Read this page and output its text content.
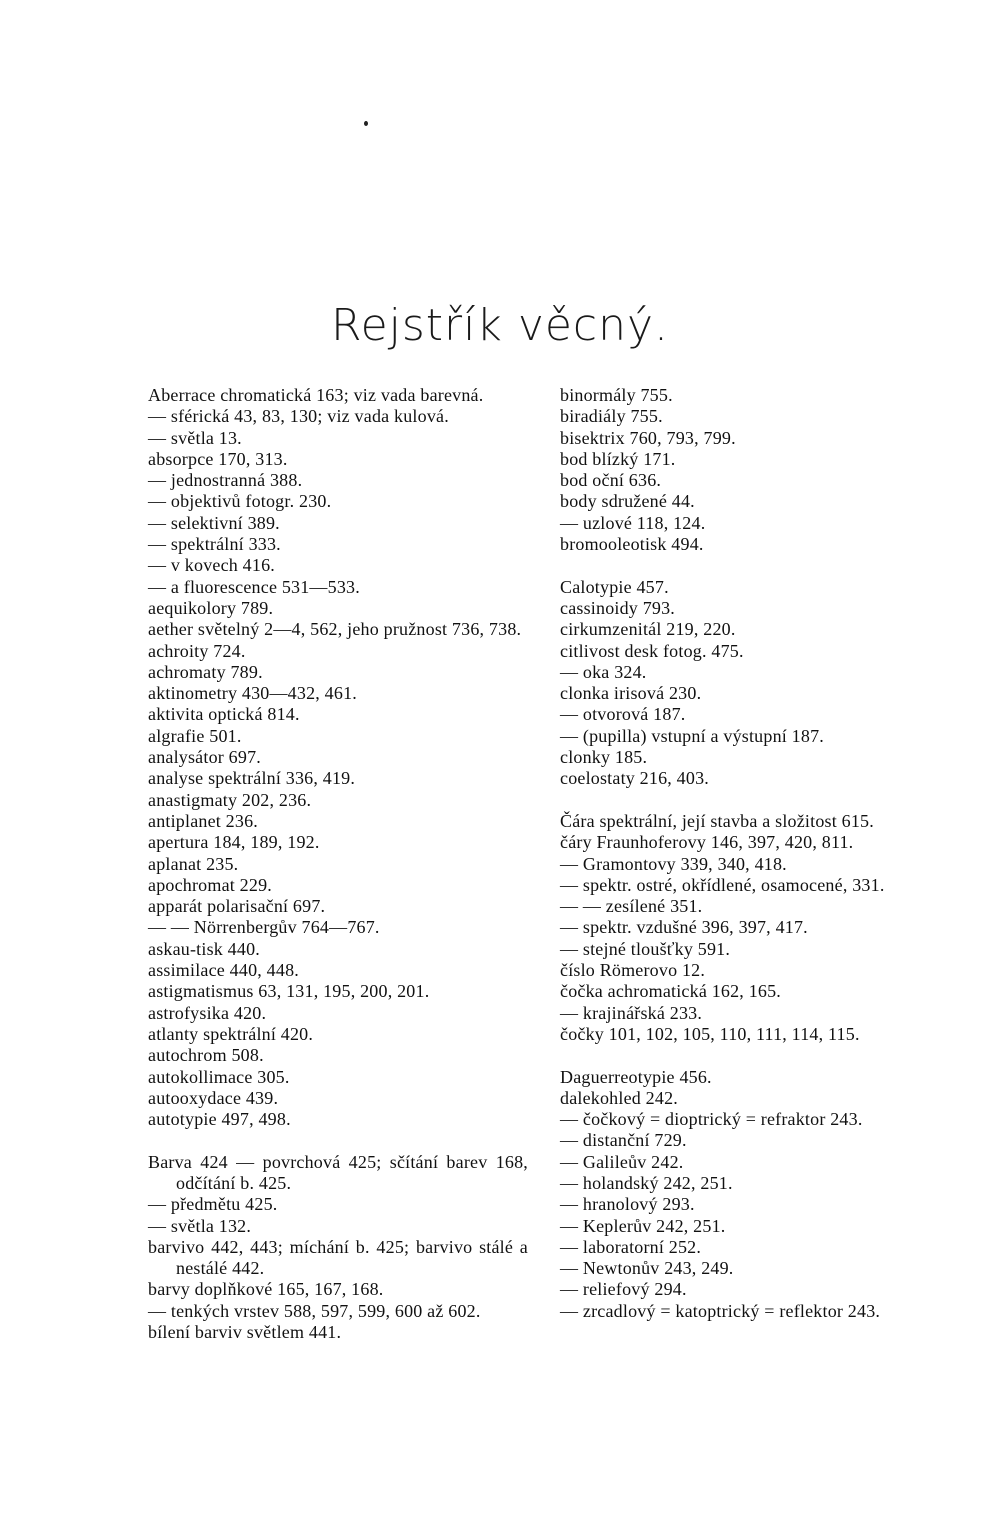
Rejstřík věcný.

Aberrace chromatická 163; viz vada barevná.

— sférická 43, 83, 130; viz vada kulová.

— světla 13.

absorpce 170, 313.

— jednostranná 388.

— objektivů fotogr. 230.

— selektivní 389.

— spektrální 333.

— v kovech 416.

— a fluorescence 531—533.

aequikolory 789.

aether světelný 2—4, 562, jeho pružnost 736, 738.

achroity 724.

achromaty 789.

aktinometry 430—432, 461.

aktivita optická 814.

algrafie 501.

analysátor 697.

analyse spektrální 336, 419.

anastigmaty 202, 236.

antiplanet 236.

apertura 184, 189, 192.

aplanat 235.

apochromat 229.

apparát polarisační 697.

— — Nörrenbergův 764—767.

askau-tisk 440.

assimilace 440, 448.

astigmatismus 63, 131, 195, 200, 201.

astrofysika 420.

atlanty spektrální 420.

autochrom 508.

autokollimace 305.

autooxydace 439.

autotypie 497, 498.

Barva 424 — povrchová 425; sčítání barev 168, odčítání b. 425.

— předmětu 425.

— světla 132.

barvivo 442, 443; míchání b. 425; barvivo stálé a nestálé 442.

barvy doplňkové 165, 167, 168.

— tenkých vrstev 588, 597, 599, 600 až 602.

bílení barviv světlem 441.

binormály 755.

biradiály 755.

bisektrix 760, 793, 799.

bod blízký 171.

bod oční 636.

body sdružené 44.

— uzlové 118, 124.

bromooleotisk 494.

Calotypie 457.

cassinoidy 793.

cirkumzenitál 219, 220.

citlivost desk fotog. 475.

— oka 324.

clonka irisová 230.

— otvorová 187.

— (pupilla) vstupní a výstupní 187.

clonky 185.

coelostaty 216, 403.

Čára spektrální, její stavba a složitost 615.

čáry Fraunhoferovy 146, 397, 420, 811.

— Gramontovy 339, 340, 418.

— spektr. ostré, okřídlené, osamocené, 331.

— — zesílené 351.

— spektr. vzdušné 396, 397, 417.

— stejné tloušťky 591.

číslo Römerovo 12.

čočka achromatická 162, 165.

— krajinářská 233.

čočky 101, 102, 105, 110, 111, 114, 115.

Daguerreotypie 456.

dalekohled 242.

— čočkový = dioptrický = refraktor 243.

— distanční 729.

— Galileův 242.

— holandský 242, 251.

— hranolový 293.

— Keplerův 242, 251.

— laboratorní 252.

— Newtonův 243, 249.

— reliefový 294.

— zrcadlový = katoptrický = reflektor 243.
